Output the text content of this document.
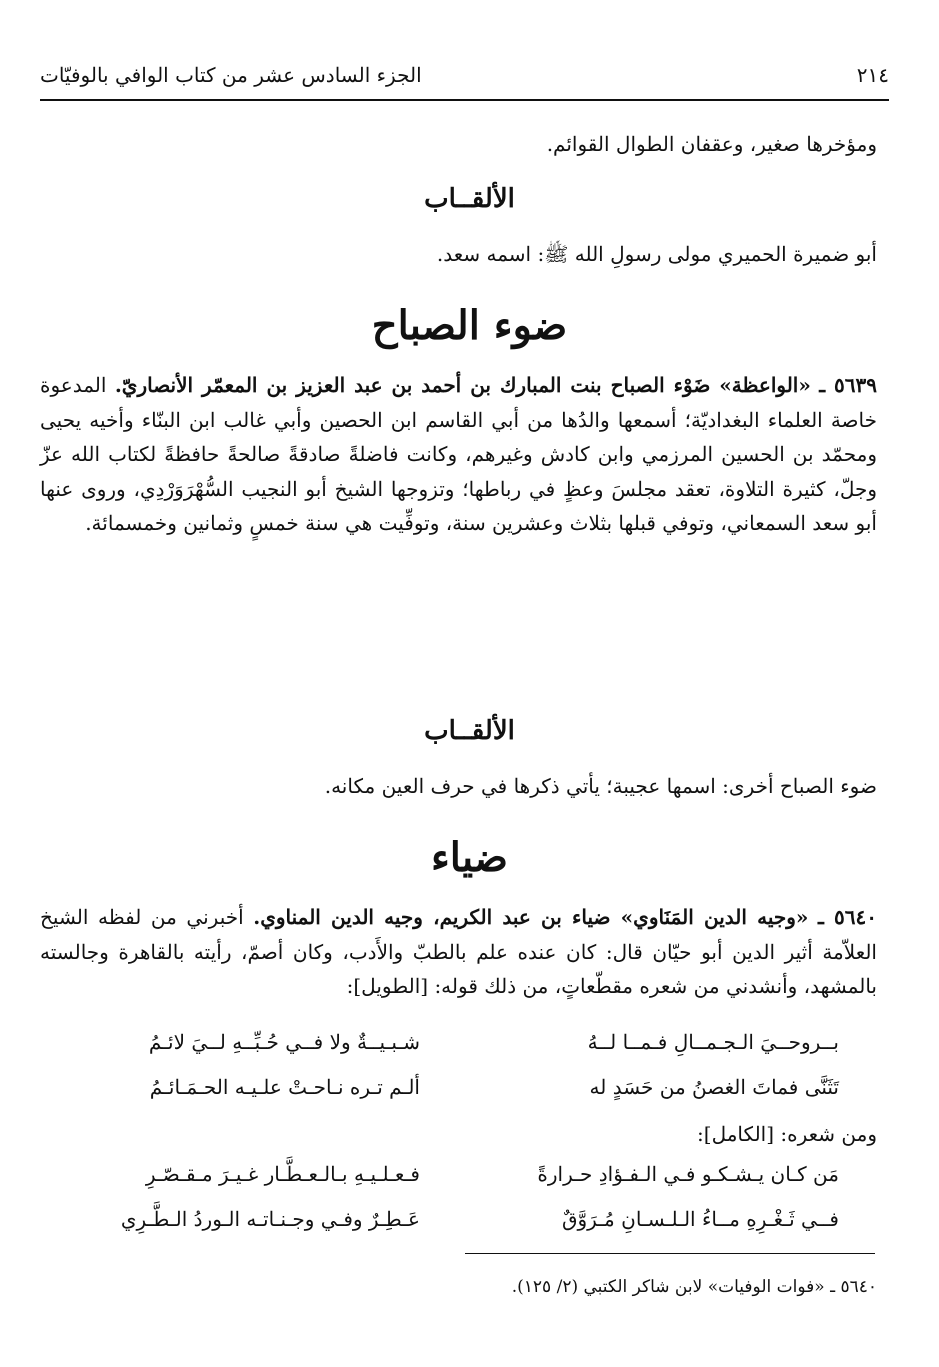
٢١٤
الجزء السادس عشر من كتاب الوافي بالوفيّات
ومؤخرها صغير، وعقفان الطوال القوائم.
الألقــاب
أبو ضميرة الحميري مولى رسولِ الله ﷺ: اسمه سعد.
ضوء الصباح

٥٦٣٩ ـ «الواعظة» ضَوْء الصباح بنت المبارك بن أحمد بن عبد العزيز بن المعمّر الأنصاريّ. المدعوة خاصة العلماء البغداديّة؛ أسمعها والدُها من أبي القاسم ابن الحصين وأبي غالب ابن البنّاء وأخيه يحيى ومحمّد بن الحسين المرزمي وابن كادش وغيرهم، وكانت فاضلةً صادقةً صالحةً حافظةً لكتاب الله عزّ وجلّ، كثيرة التلاوة، تعقد مجلسَ وعظٍ في رباطها؛ وتزوجها الشيخ أبو النجيب السُّهْرَوَرْدِي، وروى عنها أبو سعد السمعاني، وتوفي قبلها بثلاث وعشرين سنة، وتوفِّيت هي سنة خمسٍ وثمانين وخمسمائة.

الألقــاب
ضوء الصباح أخرى: اسمها عجيبة؛ يأتي ذكرها في حرف العين مكانه.
ضياء

٥٦٤٠ ـ «وجيه الدين المَنَاوي» ضياء بن عبد الكريم، وجيه الدين المناوي. أخبرني من لفظه الشيخ العلاّمة أثير الدين أبو حيّان قال: كان عنده علم بالطبّ والأَدب، وكان أصمّ، رأيته بالقاهرة وجالسته بالمشهد، وأنشدني من شعره مقطّعاتٍ، من ذلك قوله: [الطويل]:

بــروحــيَ الـجـمــالِ فـمــا لــهُ
شـبـيــةٌ ولا فــي حُـبِّــهِ لــيَ لائـمُ
تَثَنَّى فماتَ الغصنُ من حَسَدٍ له
ألـم تـره نـاحـتْ علـيـه الحـمَـائـمُ
ومن شعره: [الكامل]:
مَن كـان يـشـكـو فـي الـفـؤادِ حـرارةً
فـعـلـيـهِ بـالـعـطَّـار غـيـرَ مـقـصّـرِ
فــي ثَـغْـرِهِ مــاءُ الـلـسـانِ مُـرَوَّقٌ
عَـطِـرٌ وفـي وجـنـاتـه الـوردُ الـطَّـرِي
٥٦٤٠ ـ «فوات الوفيات» لابن شاكر الكتبي (٢/ ١٢٥).
